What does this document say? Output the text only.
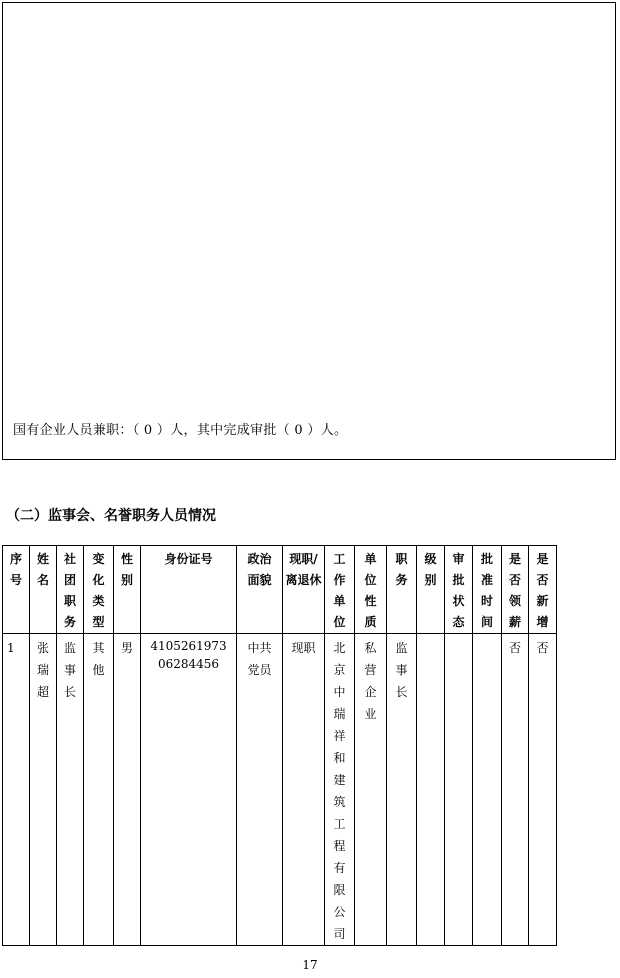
国有企业人员兼职：（ 0 ）人，其中完成审批（ 0 ）人。
（二）监事会、名誉职务人员情况
序号	姓名	社团职务	变化类型	性别	身份证号	政治面貌	现职/离退休	工作单位	单位性质	职务	级别	审批状态	批准时间	是否领薪	是否新增
1	张瑞超	监事长	其他	男	410526197306284456	中共党员	现职	北京中瑞祥和建筑工程有限公司	私营企业	监事长				否	否
17
